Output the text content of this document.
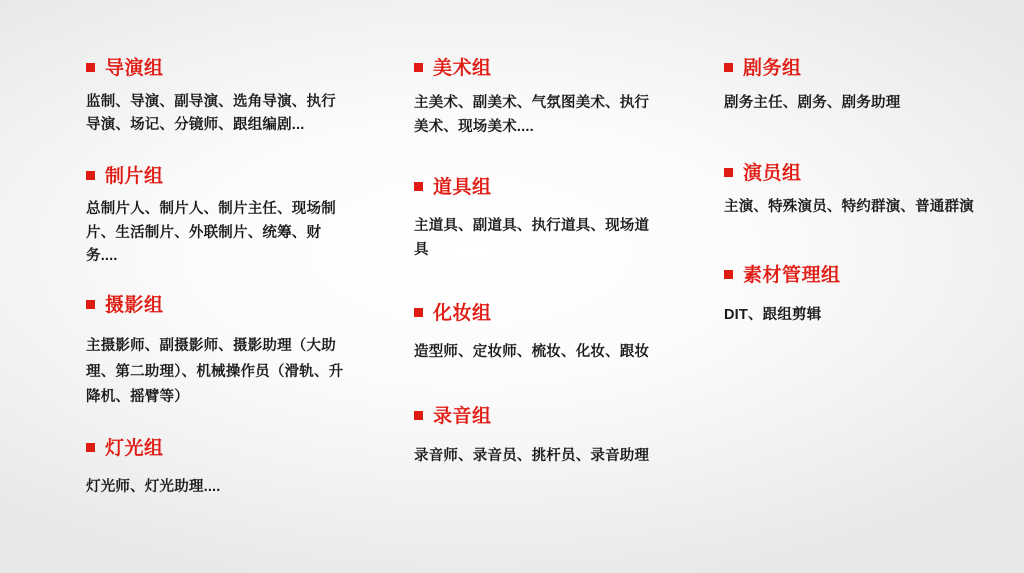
导演组

监制、导演、副导演、选角导演、执行导演、场记、分镜师、跟组编剧...

制片组

总制片人、制片人、制片主任、现场制片、生活制片、外联制片、统筹、财务....

摄影组

主摄影师、副摄影师、摄影助理（大助理、第二助理）、机械操作员（滑轨、升降机、摇臂等）

灯光组

灯光师、灯光助理....

美术组

主美术、副美术、气氛图美术、执行美术、现场美术....

道具组

主道具、副道具、执行道具、现场道具

化妆组

造型师、定妆师、梳妆、化妆、跟妆

录音组

录音师、录音员、挑杆员、录音助理

剧务组

剧务主任、剧务、剧务助理

演员组

主演、特殊演员、特约群演、普通群演

素材管理组

DIT、跟组剪辑
